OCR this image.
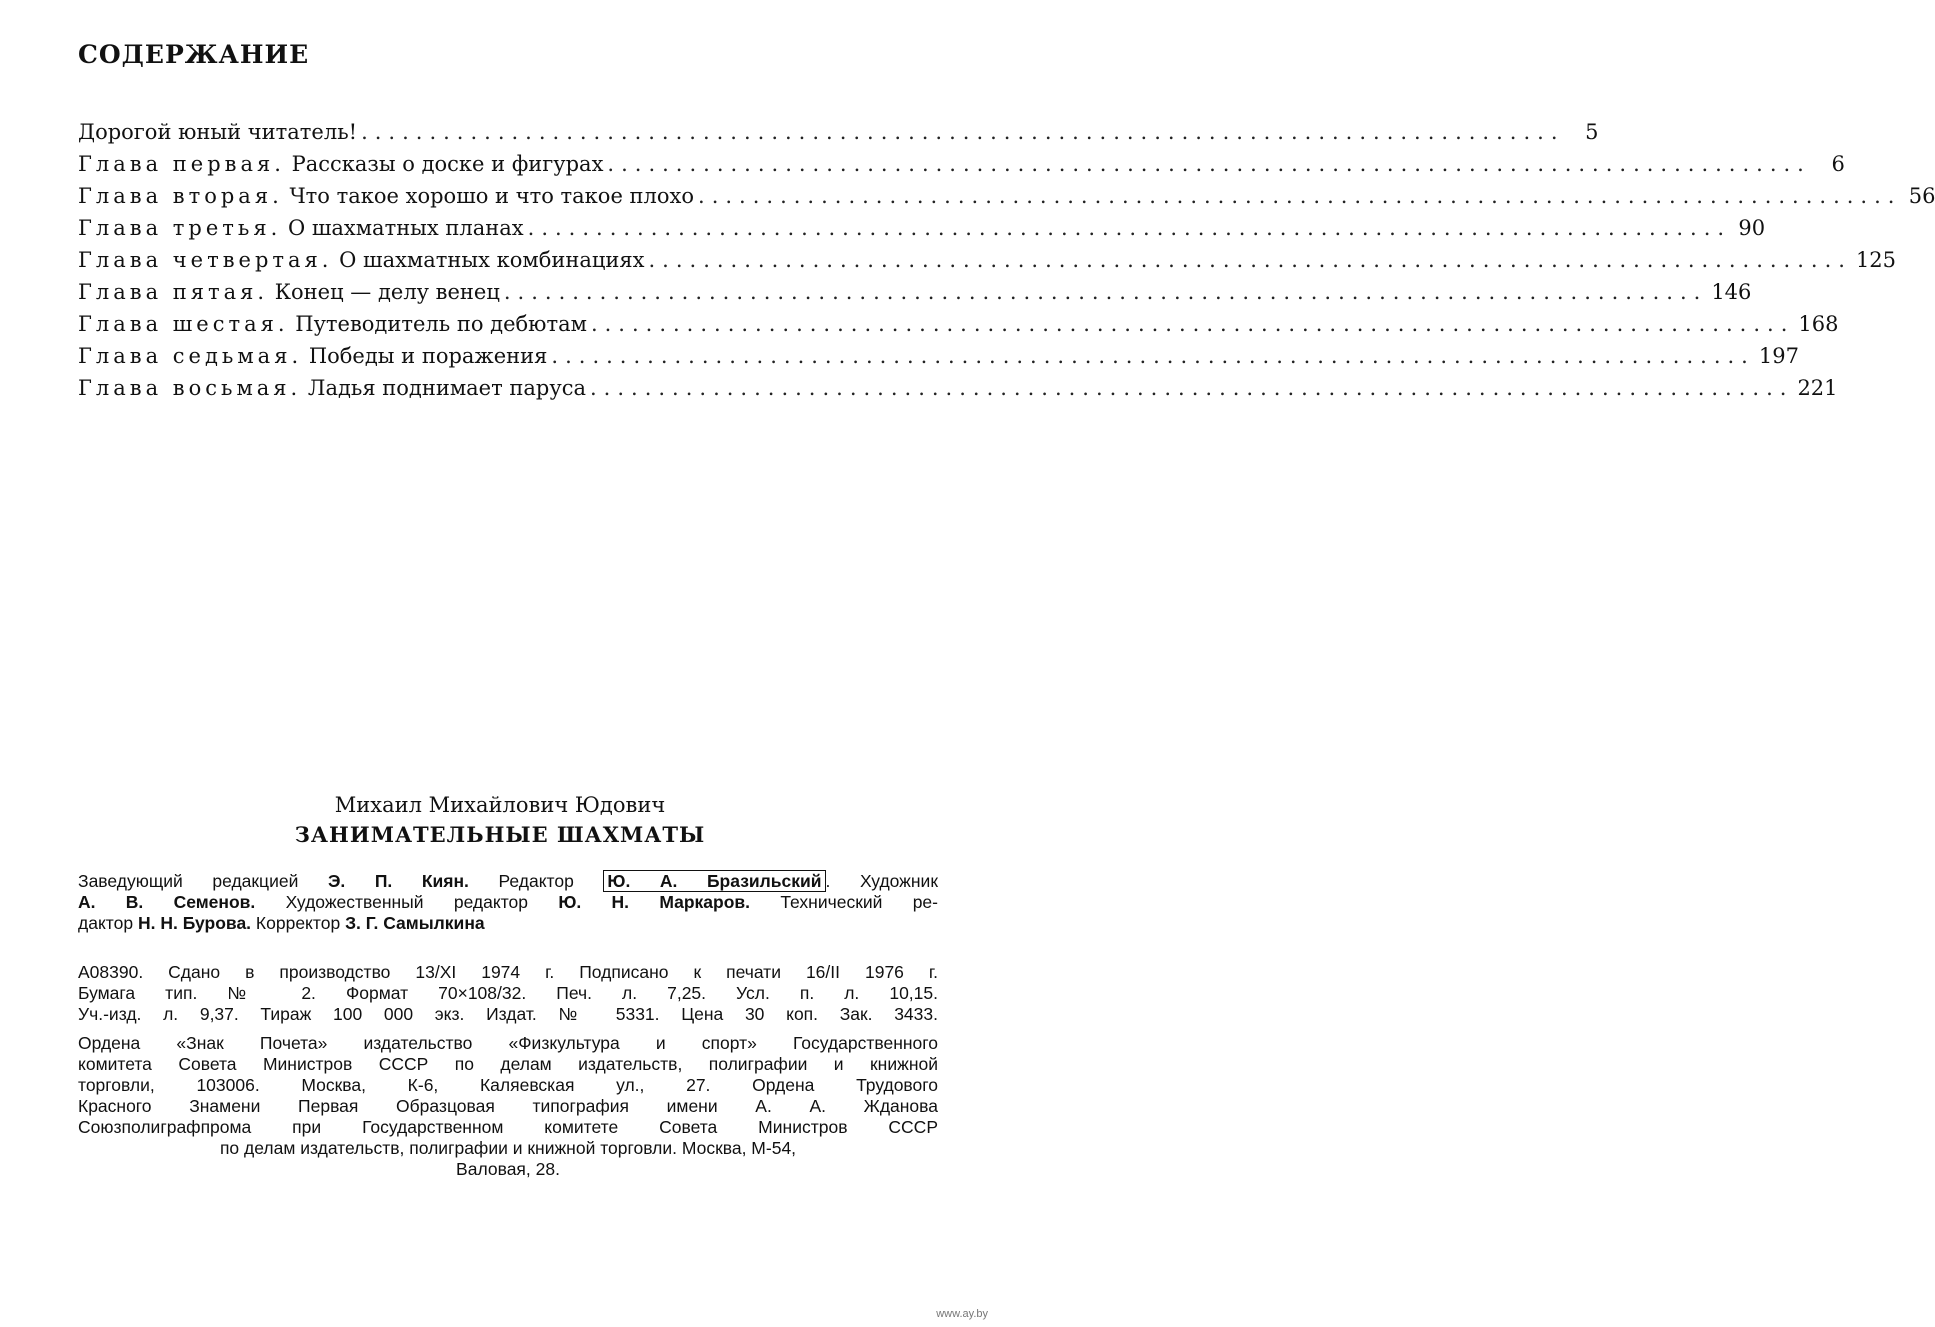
СОДЕРЖАНИЕ
Дорогой юный читатель! ........................................................................................ 5
Глава первая. Рассказы о доске и фигурах ........................................................................................ 6
Глава вторая. Что такое хорошо и что такое плохо ........................................................................................ 56
Глава третья. О шахматных планах ........................................................................................ 90
Глава четвертая. О шахматных комбинациях ........................................................................................ 125
Глава пятая. Конец — делу венец ........................................................................................ 146
Глава шестая. Путеводитель по дебютам ........................................................................................ 168
Глава седьмая. Победы и поражения ........................................................................................ 197
Глава восьмая. Ладья поднимает паруса ........................................................................................ 221
Михаил Михайлович Юдович
ЗАНИМАТЕЛЬНЫЕ ШАХМАТЫ
Заведующий редакцией Э. П. Киян. Редактор Ю. А. Бразильский . Художник
А. В. Семенов. Художественный редактор Ю. Н. Маркаров. Технический ре-
дактор Н. Н. Бурова. Корректор З. Г. Самылкина
А08390. Сдано в производство 13/XI 1974 г. Подписано к печати 16/II 1976 г.
Бумага тип. № 2. Формат 70×108/32. Печ. л. 7,25. Усл. п. л. 10,15.
Уч.-изд. л. 9,37. Тираж 100 000 экз. Издат. № 5331. Цена 30 коп. Зак. 3433.
Ордена «Знак Почета» издательство «Физкультура и спорт» Государственного
комитета Совета Министров СССР по делам издательств, полиграфии и книжной
торговли, 103006. Москва, К-6, Каляевская ул., 27. Ордена Трудового
Красного Знамени Первая Образцовая типография имени А. А. Жданова
Союзполиграфпрома при Государственном комитете Совета Министров СССР
по делам издательств, полиграфии и книжной торговли. Москва, М-54,
Валовая, 28.
www.ay.by
